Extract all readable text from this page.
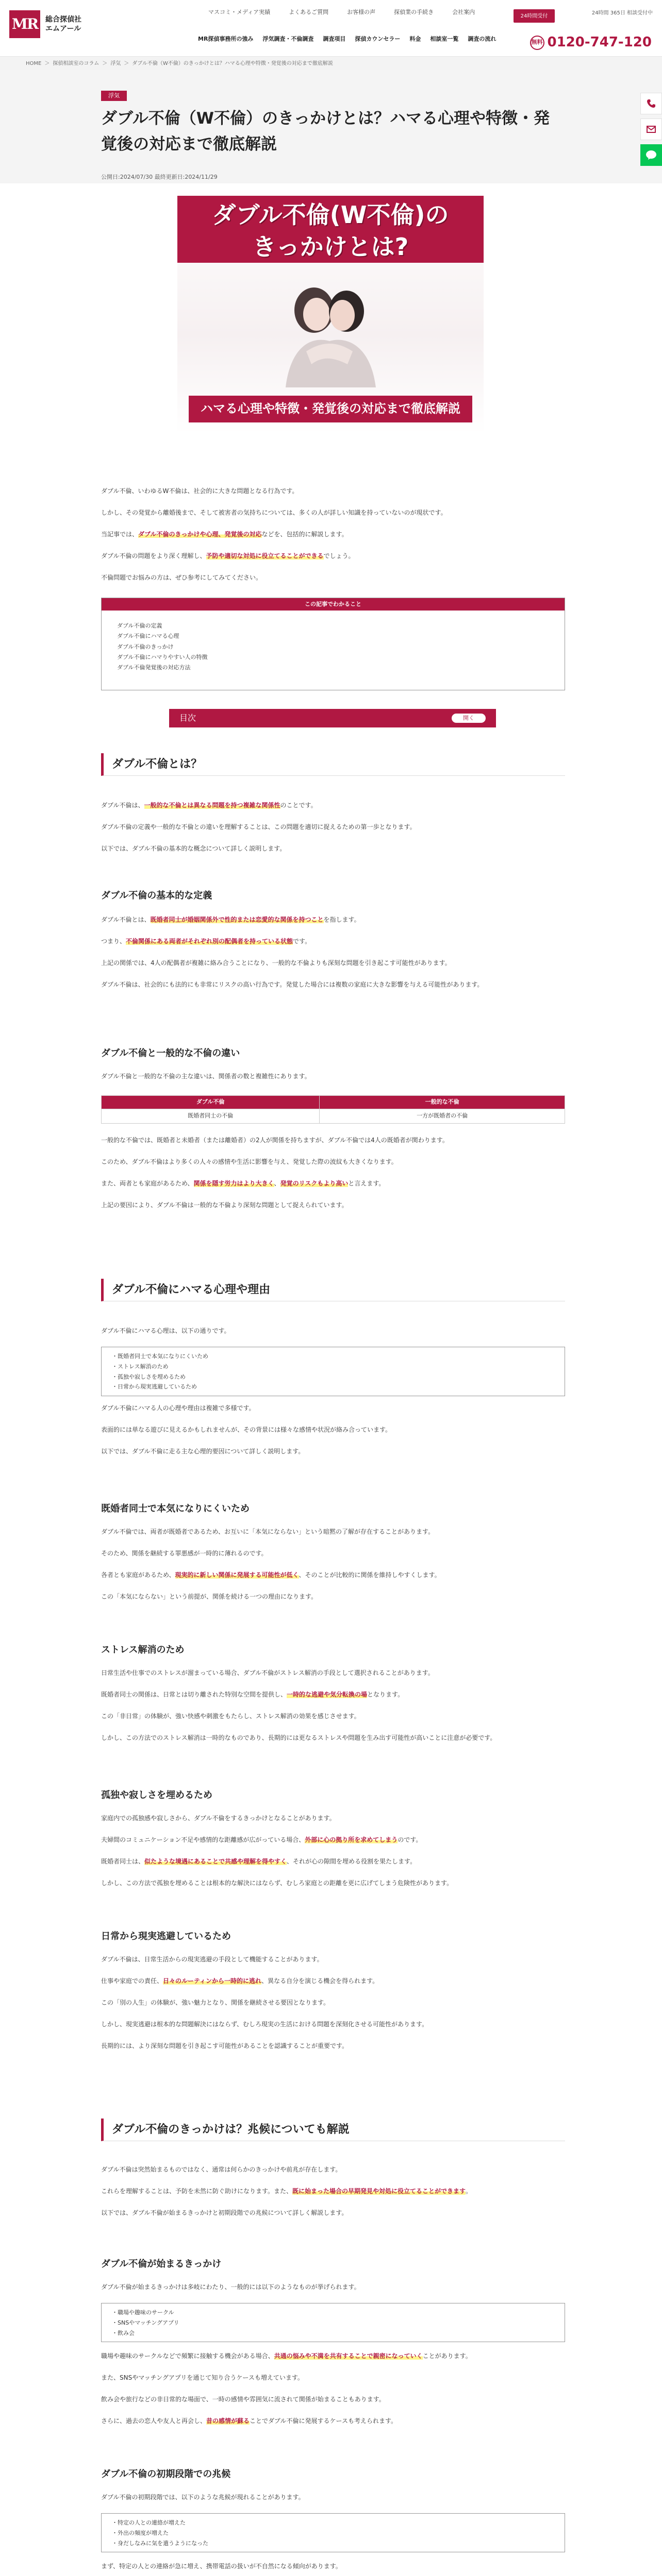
MR	総合探偵社
エムアール
マスコミ・メディア実績	よくあるご質問	お客様の声	探偵業の手続き	会社案内
MR探偵事務所の強み 浮気調査・不倫調査 調査項目 探偵カウンセラー 料金 相談室一覧 調査の流れ
24時間受付	24時間 365日 相談受付中
無料 0120-747-120
HOME ＞ 探偵相談室のコラム ＞ 浮気 ＞ ダブル不倫（W不倫）のきっかけとは？ハマる心理や特徴・発覚後の対応まで徹底解説
浮気
ダブル不倫（W不倫）のきっかけとは？ハマる心理や特徴・発覚後の対応まで徹底解説
公開日:2024/07/30 最終更新日:2024/11/29
ダブル不倫(W不倫)の
きっかけとは?
ハマる心理や特徴・発覚後の対応まで徹底解説
ダブル不倫、いわゆるW不倫は、社会的に大きな問題となる行為です。
しかし、その発覚から離婚後まで、そして被害者の気持ちについては、多くの人が詳しい知識を持っていないのが現状です。
当記事では、ダブル不倫のきっかけや心理、発覚後の対応などを、包括的に解説します。
ダブル不倫の問題をより深く理解し、予防や適切な対処に役立てることができるでしょう。
不倫問題でお悩みの方は、ぜひ参考にしてみてください。
この記事でわかること
ダブル不倫の定義
ダブル不倫にハマる心理
ダブル不倫のきっかけ
ダブル不倫にハマりやすい人の特徴
ダブル不倫発覚後の対応方法
目次	開く
ダブル不倫とは？
ダブル不倫は、一般的な不倫とは異なる問題を持つ複雑な関係性のことです。
ダブル不倫の定義や一般的な不倫との違いを理解することは、この問題を適切に捉えるための第一歩となります。
以下では、ダブル不倫の基本的な概念について詳しく説明します。
ダブル不倫の基本的な定義
ダブル不倫とは、既婚者同士が婚姻関係外で性的または恋愛的な関係を持つことを指します。
つまり、不倫関係にある両者がそれぞれ別の配偶者を持っている状態です。
上記の関係では、4人の配偶者が複雑に絡み合うことになり、一般的な不倫よりも深刻な問題を引き起こす可能性があります。
ダブル不倫は、社会的にも法的にも非常にリスクの高い行為です。発覚した場合には複数の家庭に大きな影響を与える可能性があります。
ダブル不倫と一般的な不倫の違い
ダブル不倫と一般的な不倫の主な違いは、関係者の数と複雑性にあります。
ダブル不倫	一般的な不倫
既婚者同士の不倫	一方が既婚者の不倫
一般的な不倫では、既婚者と未婚者（または離婚者）の2人が関係を持ちますが、ダブル不倫では4人の既婚者が関わります。
このため、ダブル不倫はより多くの人々の感情や生活に影響を与え、発覚した際の波紋も大きくなります。
また、両者とも家庭があるため、関係を隠す労力はより大きく、発覚のリスクもより高いと言えます。
上記の要因により、ダブル不倫は一般的な不倫より深刻な問題として捉えられています。
ダブル不倫にハマる心理や理由
ダブル不倫にハマる心理は、以下の通りです。
・ 既婚者同士で本気になりにくいため
・ ストレス解消のため
・ 孤独や寂しさを埋めるため
・ 日常から現実逃避しているため
ダブル不倫にハマる人の心理や理由は複雑で多様です。
表面的には単なる遊びに見えるかもしれませんが、その背景には様々な感情や状況が絡み合っています。
以下では、ダブル不倫に走る主な心理的要因について詳しく説明します。
既婚者同士で本気になりにくいため
ダブル不倫では、両者が既婚者であるため、お互いに「本気にならない」という暗黙の了解が存在することがあります。
そのため、関係を継続する罪悪感が一時的に薄れるのです。
各者とも家庭があるため、現実的に新しい関係に発展する可能性が低く、そのことが比較的に関係を維持しやすくします。
この「本気にならない」という前提が、関係を続ける一つの理由になります。
ストレス解消のため
日常生活や仕事でのストレスが溜まっている場合、ダブル不倫がストレス解消の手段として選択されることがあります。
既婚者同士の関係は、日常とは切り離された特別な空間を提供し、一時的な逃避や気分転換の場となります。
この「非日常」の体験が、強い快感や刺激をもたらし、ストレス解消の効果を感じさせます。
しかし、この方法でのストレス解消は一時的なものであり、長期的には更なるストレスや問題を生み出す可能性が高いことに注意が必要です。
孤独や寂しさを埋めるため
家庭内での孤独感や寂しさから、ダブル不倫をするきっかけとなることがあります。
夫婦間のコミュニケーション不足や感情的な距離感が広がっている場合、外部に心の拠り所を求めてしまうのです。
既婚者同士は、似たような境遇にあることで共感や理解を得やすく、それが心の隙間を埋める役割を果たします。
しかし、この方法で孤独を埋めることは根本的な解決にはならず、むしろ家庭との距離を更に広げてしまう危険性があります。
日常から現実逃避しているため
ダブル不倫は、日常生活からの現実逃避の手段として機能することがあります。
仕事や家庭での責任、日々のルーティンから一時的に逃れ、異なる自分を演じる機会を得られます。
この「別の人生」の体験が、強い魅力となり、関係を継続させる要因となります。
しかし、現実逃避は根本的な問題解決にはならず、むしろ現実の生活における問題を深刻化させる可能性があります。
長期的には、より深刻な問題を引き起こす可能性があることを認識することが重要です。
ダブル不倫のきっかけは？兆候についても解説
ダブル不倫は突然始まるものではなく、通常は何らかのきっかけや前兆が存在します。
これらを理解することは、予防を未然に防ぐ助けになります。また、既に始まった場合の早期発見や対処に役立てることができます。
以下では、ダブル不倫が始まるきっかけと初期段階での兆候について詳しく解説します。
ダブル不倫が始まるきっかけ
ダブル不倫が始まるきっかけは多岐にわたり、一般的には以下のようなものが挙げられます。
・ 職場や趣味のサークル
・ SNSやマッチングアプリ
・ 飲み会
職場や趣味のサークルなどで頻繁に接触する機会がある場合、共通の悩みや不満を共有することで親密になっていくことがあります。
また、SNSやマッチングアプリを通じて知り合うケースも増えています。
飲み会や旅行などの非日常的な場面で、一時の感情や雰囲気に流されて関係が始まることもあります。
さらに、過去の恋人や友人と再会し、昔の感情が蘇ることでダブル不倫に発展するケースも考えられます。
ダブル不倫の初期段階での兆候
ダブル不倫の初期段階では、以下のような兆候が現れることがあります。
・ 特定の人との連絡が増えた
・ 外出の頻度が増えた
・ 身だしなみに気を遣うようになった
まず、特定の人との連絡が急に増え、携帯電話の扱いが不自然になる傾向があります。
